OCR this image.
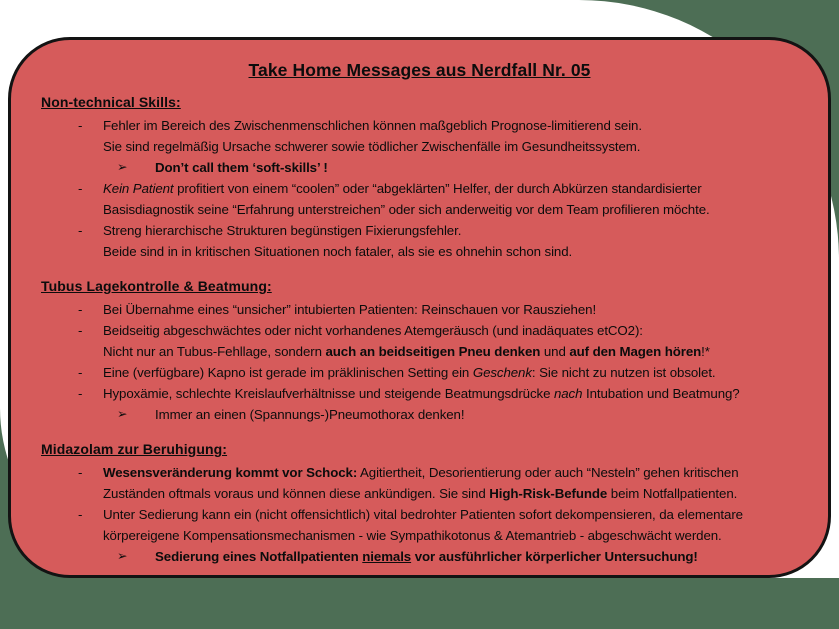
Take Home Messages aus Nerdfall Nr. 05
Non-technical Skills:
- Fehler im Bereich des Zwischenmenschlichen können maßgeblich Prognose-limitierend sein.
Sie sind regelmäßig Ursache schwerer sowie tödlicher Zwischenfälle im Gesundheitssystem.
➢ Don’t call them ‘soft-skills’ !
- Kein Patient profitiert von einem “coolen” oder “abgeklärten” Helfer, der durch Abkürzen standardisierter
Basisdiagnostik seine “Erfahrung unterstreichen” oder sich anderweitig vor dem Team profilieren möchte.
- Streng hierarchische Strukturen begünstigen Fixierungsfehler.
Beide sind in in kritischen Situationen noch fataler, als sie es ohnehin schon sind.
Tubus Lagekontrolle & Beatmung:
- Bei Übernahme eines “unsicher” intubierten Patienten: Reinschauen vor Rausziehen!
- Beidseitig abgeschwächtes oder nicht vorhandenes Atemgeräusch (und inadäquates etCO2):
Nicht nur an Tubus-Fehllage, sondern auch an beidseitigen Pneu denken und auf den Magen hören!*
- Eine (verfügbare) Kapno ist gerade im präklinischen Setting ein Geschenk: Sie nicht zu nutzen ist obsolet.
- Hypoxämie, schlechte Kreislaufverhältnisse und steigende Beatmungsdrücke nach Intubation und Beatmung?
➢ Immer an einen (Spannungs-)Pneumothorax denken!
Midazolam zur Beruhigung:
- Wesensveränderung kommt vor Schock: Agitiertheit, Desorientierung oder auch “Nesteln” gehen kritischen
Zuständen oftmals voraus und können diese ankündigen. Sie sind High-Risk-Befunde beim Notfallpatienten.
- Unter Sedierung kann ein (nicht offensichtlich) vital bedrohter Patienten sofort dekompensieren, da elementare
körpereigene Kompensationsmechanismen - wie Sympathikotonus & Atemantrieb - abgeschwächt werden.
➢ Sedierung eines Notfallpatienten niemals vor ausführlicher körperlicher Untersuchung!
